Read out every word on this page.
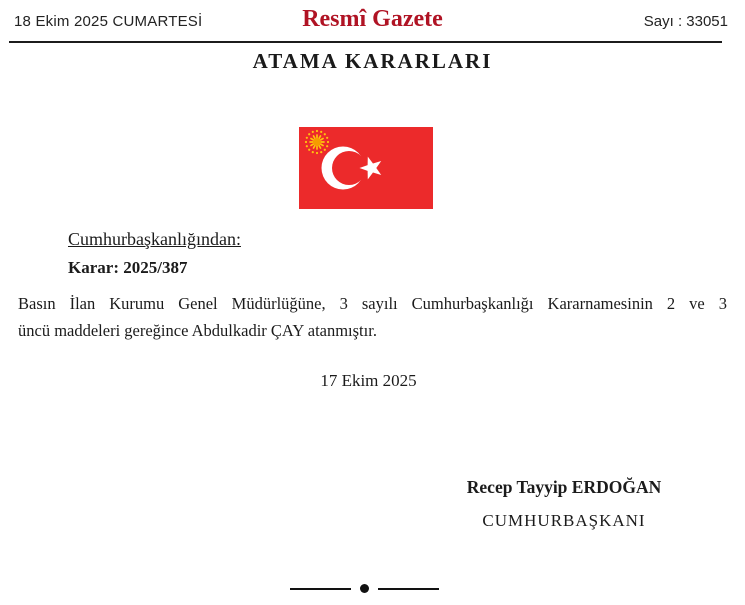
18 Ekim 2025 CUMARTESİ	Resmî Gazete	Sayı : 33051
ATAMA KARARLARI
Cumhurbaşkanlığından:
Karar: 2025/387
Basın İlan Kurumu Genel Müdürlüğüne, 3 sayılı Cumhurbaşkanlığı Kararnamesinin 2 ve 3
üncü maddeleri gereğince Abdulkadir ÇAY atanmıştır.
17 Ekim 2025
Recep Tayyip ERDOĞAN
CUMHURBAŞKANI
